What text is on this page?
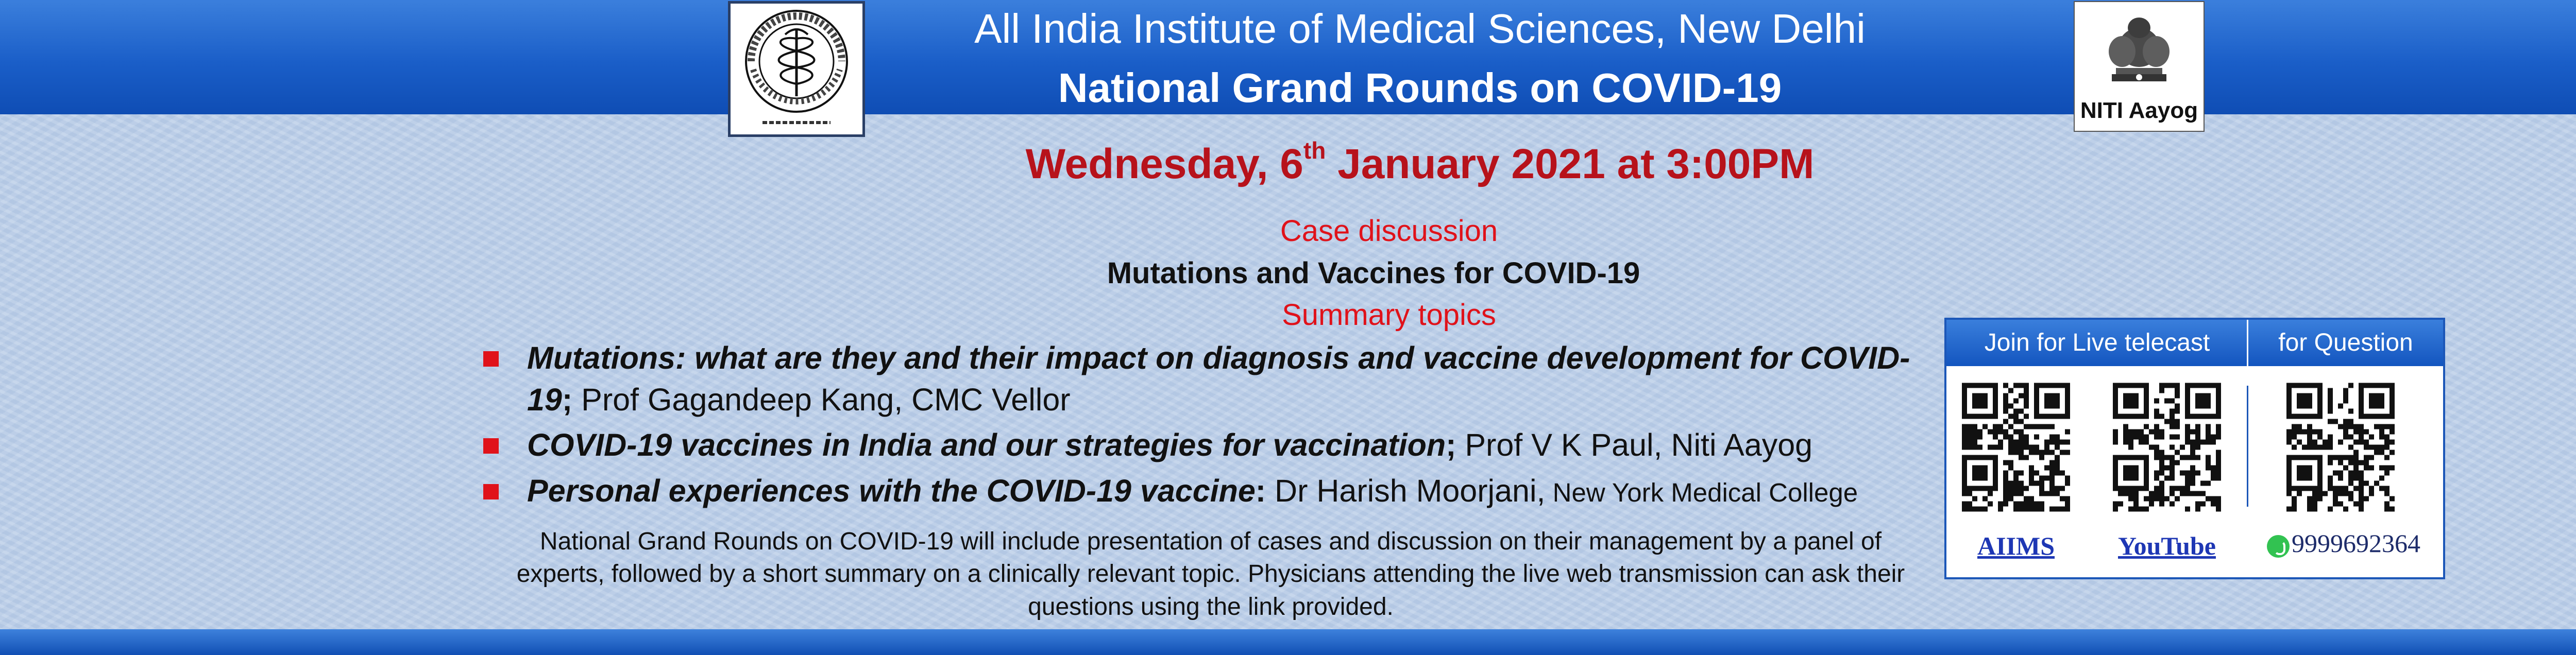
All India Institute of Medical Sciences, New Delhi
National Grand Rounds on COVID-19	NITI Aayog
Wednesday, 6th January 2021 at 3:00PM
Case discussion
Mutations and Vaccines for COVID-19
Summary topics
Mutations: what are they and their impact on diagnosis and vaccine development for COVID-19; Prof Gagandeep Kang, CMC Vellor
COVID-19 vaccines in India and our strategies for vaccination; Prof V K Paul, Niti Aayog
Personal experiences with the COVID-19 vaccine: Dr Harish Moorjani, New York Medical College
National Grand Rounds on COVID-19 will include presentation of cases and discussion on their management by a panel of experts, followed by a short summary on a clinically relevant topic. Physicians attending the live web transmission can ask their questions using the link provided.
Join for Live telecast	for Question
AIIMS	YouTube	9999692364
